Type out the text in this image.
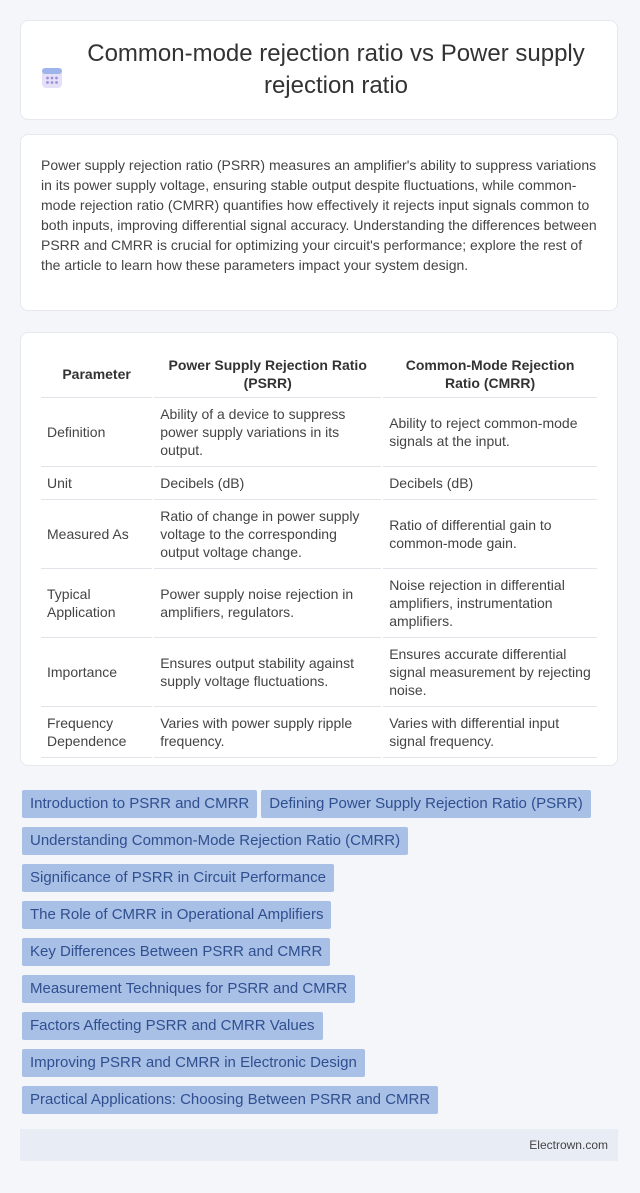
Common-mode rejection ratio vs Power supply rejection ratio

Power supply rejection ratio (PSRR) measures an amplifier's ability to suppress variations in its power supply voltage, ensuring stable output despite fluctuations, while common-mode rejection ratio (CMRR) quantifies how effectively it rejects input signals common to both inputs, improving differential signal accuracy. Understanding the differences between PSRR and CMRR is crucial for optimizing your circuit's performance; explore the rest of the article to learn how these parameters impact your system design.

Parameter	Power Supply Rejection Ratio (PSRR)	Common-Mode Rejection Ratio (CMRR)
Definition	Ability of a device to suppress power supply variations in its output.	Ability to reject common-mode signals at the input.
Unit	Decibels (dB)	Decibels (dB)
Measured As	Ratio of change in power supply voltage to the corresponding output voltage change.	Ratio of differential gain to common-mode gain.
Typical Application	Power supply noise rejection in amplifiers, regulators.	Noise rejection in differential amplifiers, instrumentation amplifiers.
Importance	Ensures output stability against supply voltage fluctuations.	Ensures accurate differential signal measurement by rejecting noise.
Frequency Dependence	Varies with power supply ripple frequency.	Varies with differential input signal frequency.
Introduction to PSRR and CMRR Defining Power Supply Rejection Ratio (PSRR)
Understanding Common-Mode Rejection Ratio (CMRR)
Significance of PSRR in Circuit Performance
The Role of CMRR in Operational Amplifiers
Key Differences Between PSRR and CMRR
Measurement Techniques for PSRR and CMRR
Factors Affecting PSRR and CMRR Values
Improving PSRR and CMRR in Electronic Design
Practical Applications: Choosing Between PSRR and CMRR
Electrown.com
